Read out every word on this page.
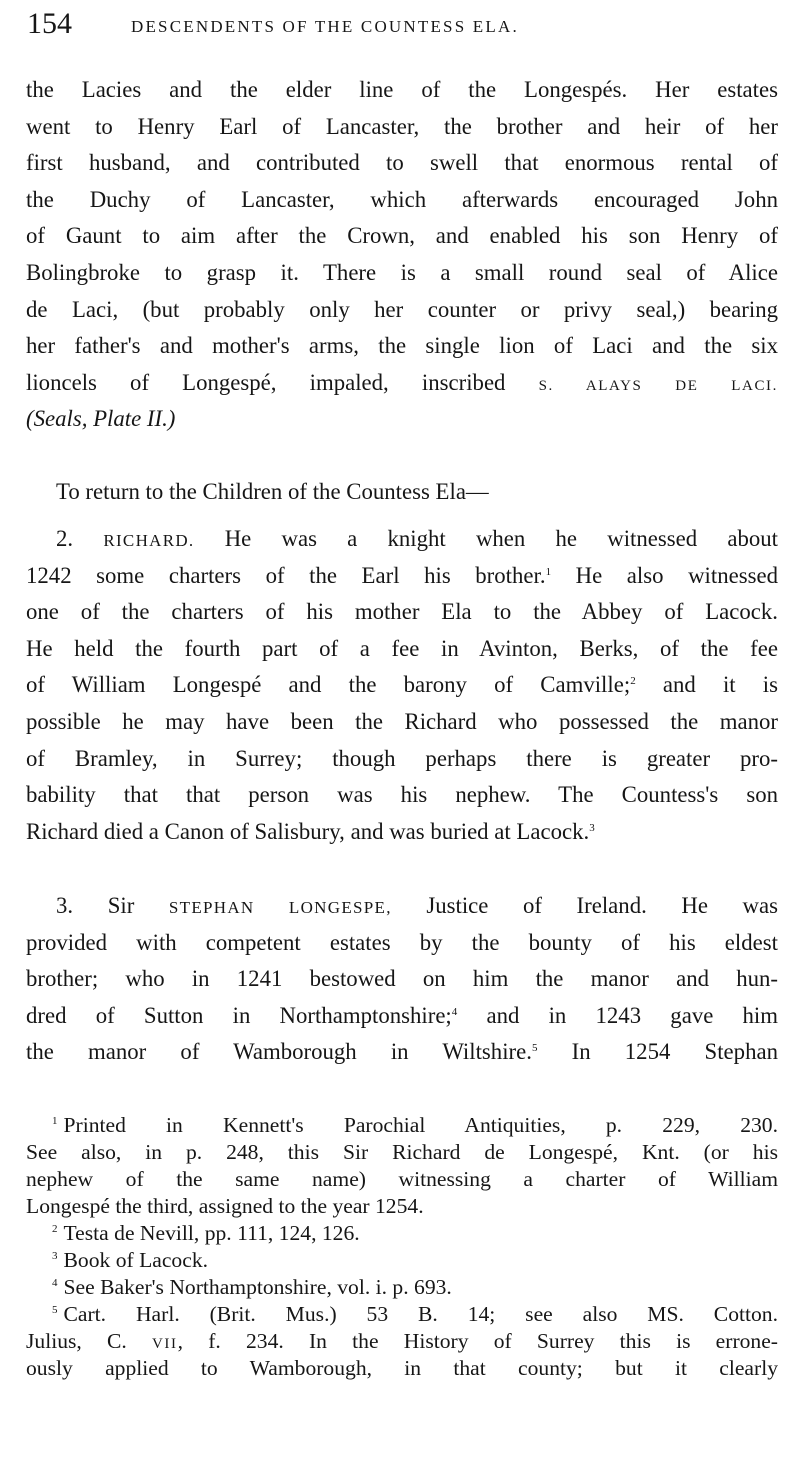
154	DESCENDENTS OF THE COUNTESS ELA.
the Lacies and the elder line of the Longespés. Her estates
went to Henry Earl of Lancaster, the brother and heir of her
first husband, and contributed to swell that enormous rental of
the Duchy of Lancaster, which afterwards encouraged John
of Gaunt to aim after the Crown, and enabled his son Henry of
Bolingbroke to grasp it. There is a small round seal of Alice
de Laci, (but probably only her counter or privy seal,) bearing
her father's and mother's arms, the single lion of Laci and the six
lioncels of Longespé, impaled, inscribed S. ALAYS DE LACI.
(Seals, Plate II.)
To return to the Children of the Countess Ela—
2. RICHARD. He was a knight when he witnessed about
1242 some charters of the Earl his brother.$^1$ He also witnessed
one of the charters of his mother Ela to the Abbey of Lacock.
He held the fourth part of a fee in Avinton, Berks, of the fee
of William Longespé and the barony of Camville;$^2$ and it is
possible he may have been the Richard who possessed the manor
of Bramley, in Surrey; though perhaps there is greater pro-
bability that that person was his nephew. The Countess's son
Richard died a Canon of Salisbury, and was buried at Lacock.$^3$
3. Sir STEPHAN LONGESPE, Justice of Ireland. He was
provided with competent estates by the bounty of his eldest
brother; who in 1241 bestowed on him the manor and hun-
dred of Sutton in Northamptonshire;$^4$ and in 1243 gave him
the manor of Wamborough in Wiltshire.$^5$ In 1254 Stephan
$^1$ Printed in Kennett's Parochial Antiquities, p. 229, 230.
See also, in p. 248, this Sir Richard de Longespé, Knt. (or his
nephew of the same name) witnessing a charter of William
Longespé the third, assigned to the year 1254.
$^2$ Testa de Nevill, pp. 111, 124, 126.
$^3$ Book of Lacock.
$^4$ See Baker's Northamptonshire, vol. i. p. 693.
$^5$ Cart. Harl. (Brit. Mus.) 53 B. 14; see also MS. Cotton.
Julius, C. VII, f. 234. In the History of Surrey this is errone-
ously applied to Wamborough, in that county; but it clearly
